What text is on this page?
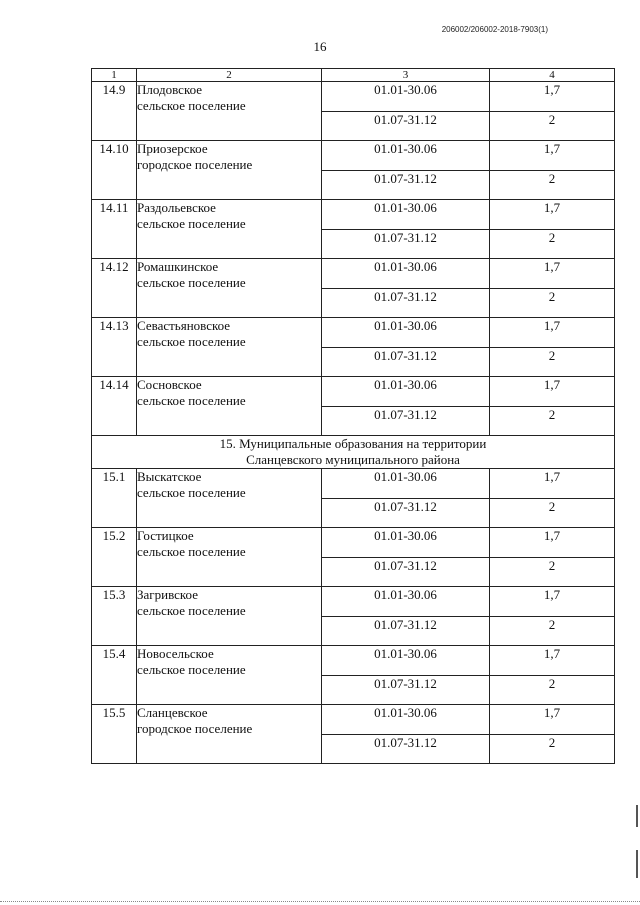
206002/206002-2018-7903(1)
16
1	2	3	4
14.9	Плодовское
сельское поселение	01.01-30.06	1,7
		01.07-31.12	2
14.10	Приозерское
городское поселение	01.01-30.06	1,7
		01.07-31.12	2
14.11	Раздольевское
сельское поселение	01.01-30.06	1,7
		01.07-31.12	2
14.12	Ромашкинское
сельское поселение	01.01-30.06	1,7
		01.07-31.12	2
14.13	Севастьяновское
сельское поселение	01.01-30.06	1,7
		01.07-31.12	2
14.14	Сосновское
сельское поселение	01.01-30.06	1,7
		01.07-31.12	2

15. Муниципальные образования на территории
Сланцевского муниципального района			

15.1	Выскатское
сельское поселение	01.01-30.06	1,7
		01.07-31.12	2
15.2	Гостицкое
сельское поселение	01.01-30.06	1,7
		01.07-31.12	2
15.3	Загривское
сельское поселение	01.01-30.06	1,7
		01.07-31.12	2
15.4	Новосельское
сельское поселение	01.01-30.06	1,7
		01.07-31.12	2
15.5	Сланцевское
городское поселение	01.01-30.06	1,7
		01.07-31.12	2
